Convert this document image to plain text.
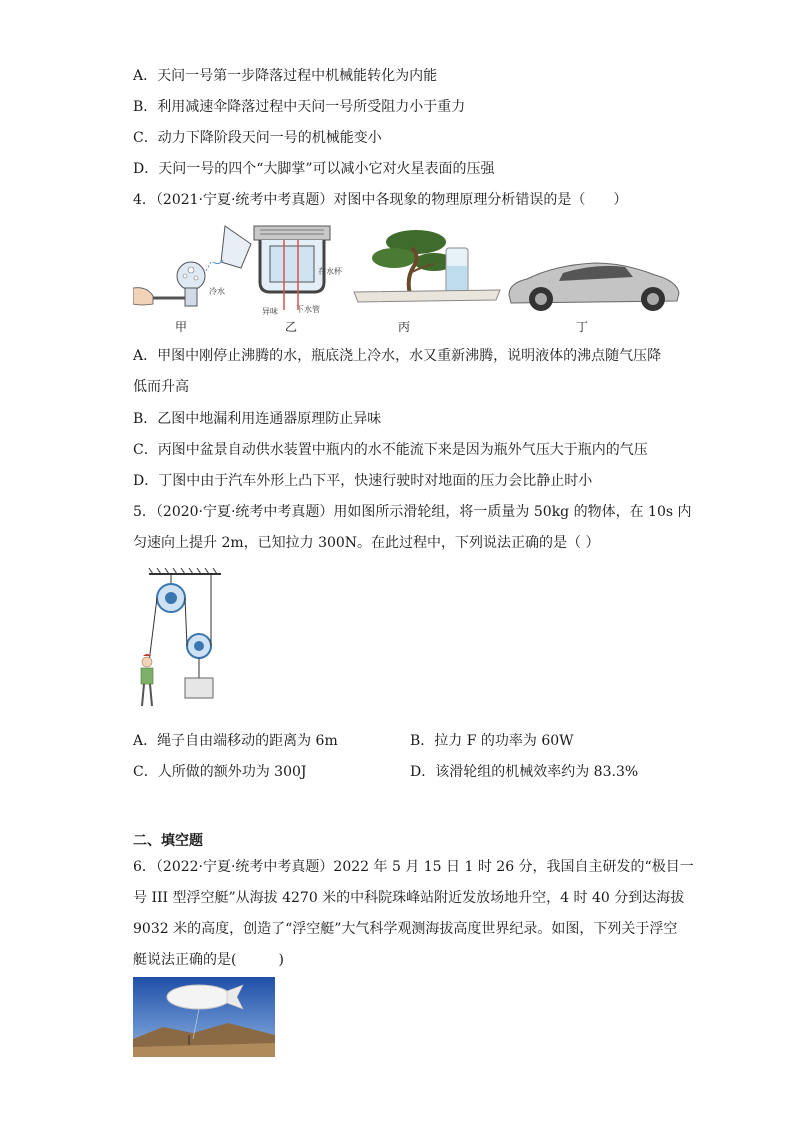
A．天问一号第一步降落过程中机械能转化为内能
B．利用减速伞降落过程中天问一号所受阻力小于重力
C．动力下降阶段天问一号的机械能变小
D．天问一号的四个“大脚掌”可以减小它对火星表面的压强
4．（2021·宁夏·统考中考真题）对图中各现象的物理原理分析错误的是（　　）
冷水
甲
存水杯
异味 下水管
乙	丙	丁
A．甲图中刚停止沸腾的水，瓶底浇上冷水，水又重新沸腾，说明液体的沸点随气压降
低而升高
B．乙图中地漏利用连通器原理防止异味
C．丙图中盆景自动供水装置中瓶内的水不能流下来是因为瓶外气压大于瓶内的气压
D．丁图中由于汽车外形上凸下平，快速行驶时对地面的压力会比静止时小
5．（2020·宁夏·统考中考真题）用如图所示滑轮组，将一质量为 50kg 的物体，在 10s 内
匀速向上提升 2m，已知拉力 300N。在此过程中，下列说法正确的是（ ）
A．绳子自由端移动的距离为 6m	B．拉力 F 的功率为 60W
C．人所做的额外功为 300J	D．该滑轮组的机械效率约为 83.3%
二、填空题
6．（2022·宁夏·统考中考真题）2022 年 5 月 15 日 1 时 26 分，我国自主研发的“极目一
号 III 型浮空艇”从海拔 4270 米的中科院珠峰站附近发放场地升空，4 时 40 分到达海拔
9032 米的高度，创造了“浮空艇”大气科学观测海拔高度世界纪录。如图，下列关于浮空
艇说法正确的是(　　　)
